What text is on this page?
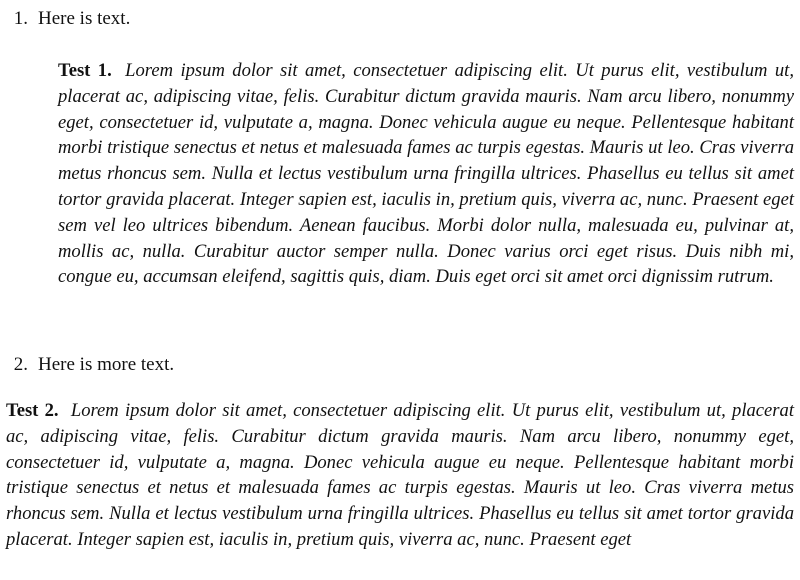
1. Here is text.

Test 1. Lorem ipsum dolor sit amet, consectetuer adipiscing elit. Ut purus elit, vestibulum ut, placerat ac, adipiscing vitae, felis. Curabitur dictum gravida mauris. Nam arcu libero, nonummy eget, consectetuer id, vulputate a, magna. Donec vehicula augue eu neque. Pellentesque habitant morbi tristique senectus et netus et malesuada fames ac turpis egestas. Mauris ut leo. Cras viverra metus rhoncus sem. Nulla et lectus vestibulum urna fringilla ultrices. Phasellus eu tellus sit amet tortor gravida placerat. Integer sapien est, iaculis in, pretium quis, viverra ac, nunc. Praesent eget sem vel leo ultrices bibendum. Aenean faucibus. Morbi dolor nulla, malesuada eu, pulvinar at, mollis ac, nulla. Curabitur auctor semper nulla. Donec varius orci eget risus. Duis nibh mi, congue eu, accumsan eleifend, sagittis quis, diam. Duis eget orci sit amet orci dignissim rutrum.

2. Here is more text.

Test 2. Lorem ipsum dolor sit amet, consectetuer adipiscing elit. Ut purus elit, vestibulum ut, placerat ac, adipiscing vitae, felis. Curabitur dictum gravida mauris. Nam arcu libero, nonummy eget, consectetuer id, vulputate a, magna. Donec vehicula augue eu neque. Pellentesque habitant morbi tristique senectus et netus et malesuada fames ac turpis egestas. Mauris ut leo. Cras viverra metus rhoncus sem. Nulla et lectus vestibulum urna fringilla ultrices. Phasellus eu tellus sit amet tortor gravida placerat. Integer sapien est, iaculis in, pretium quis, viverra ac, nunc. Praesent eget
